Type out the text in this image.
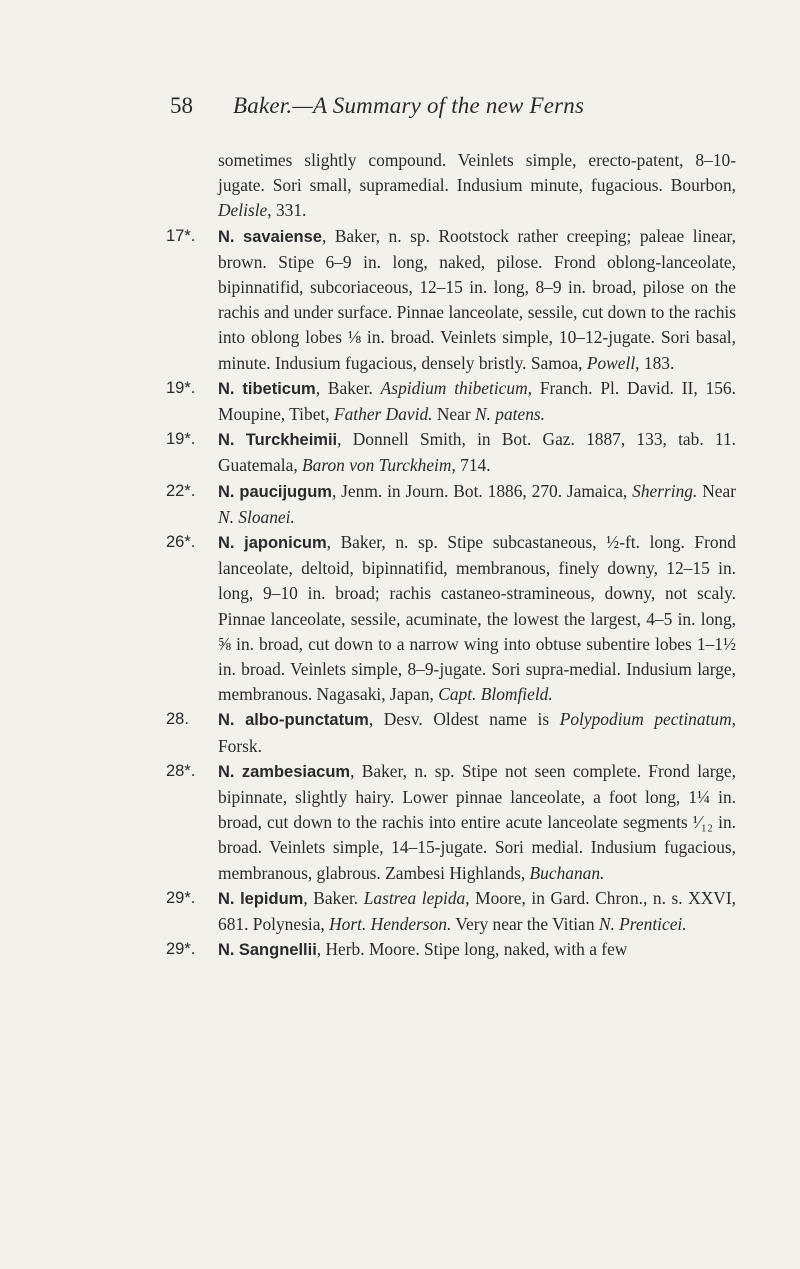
58 Baker.—A Summary of the new Ferns

sometimes slightly compound. Veinlets simple, erecto-patent, 8–10-jugate. Sori small, supramedial. Indusium minute, fugacious. Bourbon, Delisle, 331.

17*.	N. savaiense, Baker, n. sp. Rootstock rather creeping; paleae linear, brown. Stipe 6–9 in. long, naked, pilose. Frond oblong-lanceolate, bipinnatifid, subcoriaceous, 12–15 in. long, 8–9 in. broad, pilose on the rachis and under surface. Pinnae lanceolate, sessile, cut down to the rachis into oblong lobes ⅛ in. broad. Veinlets simple, 10–12-jugate. Sori basal, minute. Indusium fugacious, densely bristly. Samoa, Powell, 183.

19*.	N. tibeticum, Baker. Aspidium thibeticum, Franch. Pl. David. II, 156. Moupine, Tibet, Father David. Near N. patens.

19*.	N. Turckheimii, Donnell Smith, in Bot. Gaz. 1887, 133, tab. 11. Guatemala, Baron von Turckheim, 714.

22*.	N. paucijugum, Jenm. in Journ. Bot. 1886, 270. Jamaica, Sherring. Near N. Sloanei.

26*.	N. japonicum, Baker, n. sp. Stipe subcastaneous, ½-ft. long. Frond lanceolate, deltoid, bipinnatifid, membranous, finely downy, 12–15 in. long, 9–10 in. broad; rachis castaneo-stramineous, downy, not scaly. Pinnae lanceolate, sessile, acuminate, the lowest the largest, 4–5 in. long, ⅝ in. broad, cut down to a narrow wing into obtuse subentire lobes 1–1½ in. broad. Veinlets simple, 8–9-jugate. Sori supra-medial. Indusium large, membranous. Nagasaki, Japan, Capt. Blomfield.

28.	N. albo-punctatum, Desv. Oldest name is Polypodium pectinatum, Forsk.

28*.	N. zambesiacum, Baker, n. sp. Stipe not seen complete. Frond large, bipinnate, slightly hairy. Lower pinnae lanceolate, a foot long, 1¼ in. broad, cut down to the rachis into entire acute lanceolate segments ¹⁄₁₂ in. broad. Veinlets simple, 14–15-jugate. Sori medial. Indusium fugacious, membranous, glabrous. Zambesi Highlands, Buchanan.

29*.	N. lepidum, Baker. Lastrea lepida, Moore, in Gard. Chron., n. s. XXVI, 681. Polynesia, Hort. Henderson. Very near the Vitian N. Prenticei.

29*.	N. Sangnellii, Herb. Moore. Stipe long, naked, with a few
